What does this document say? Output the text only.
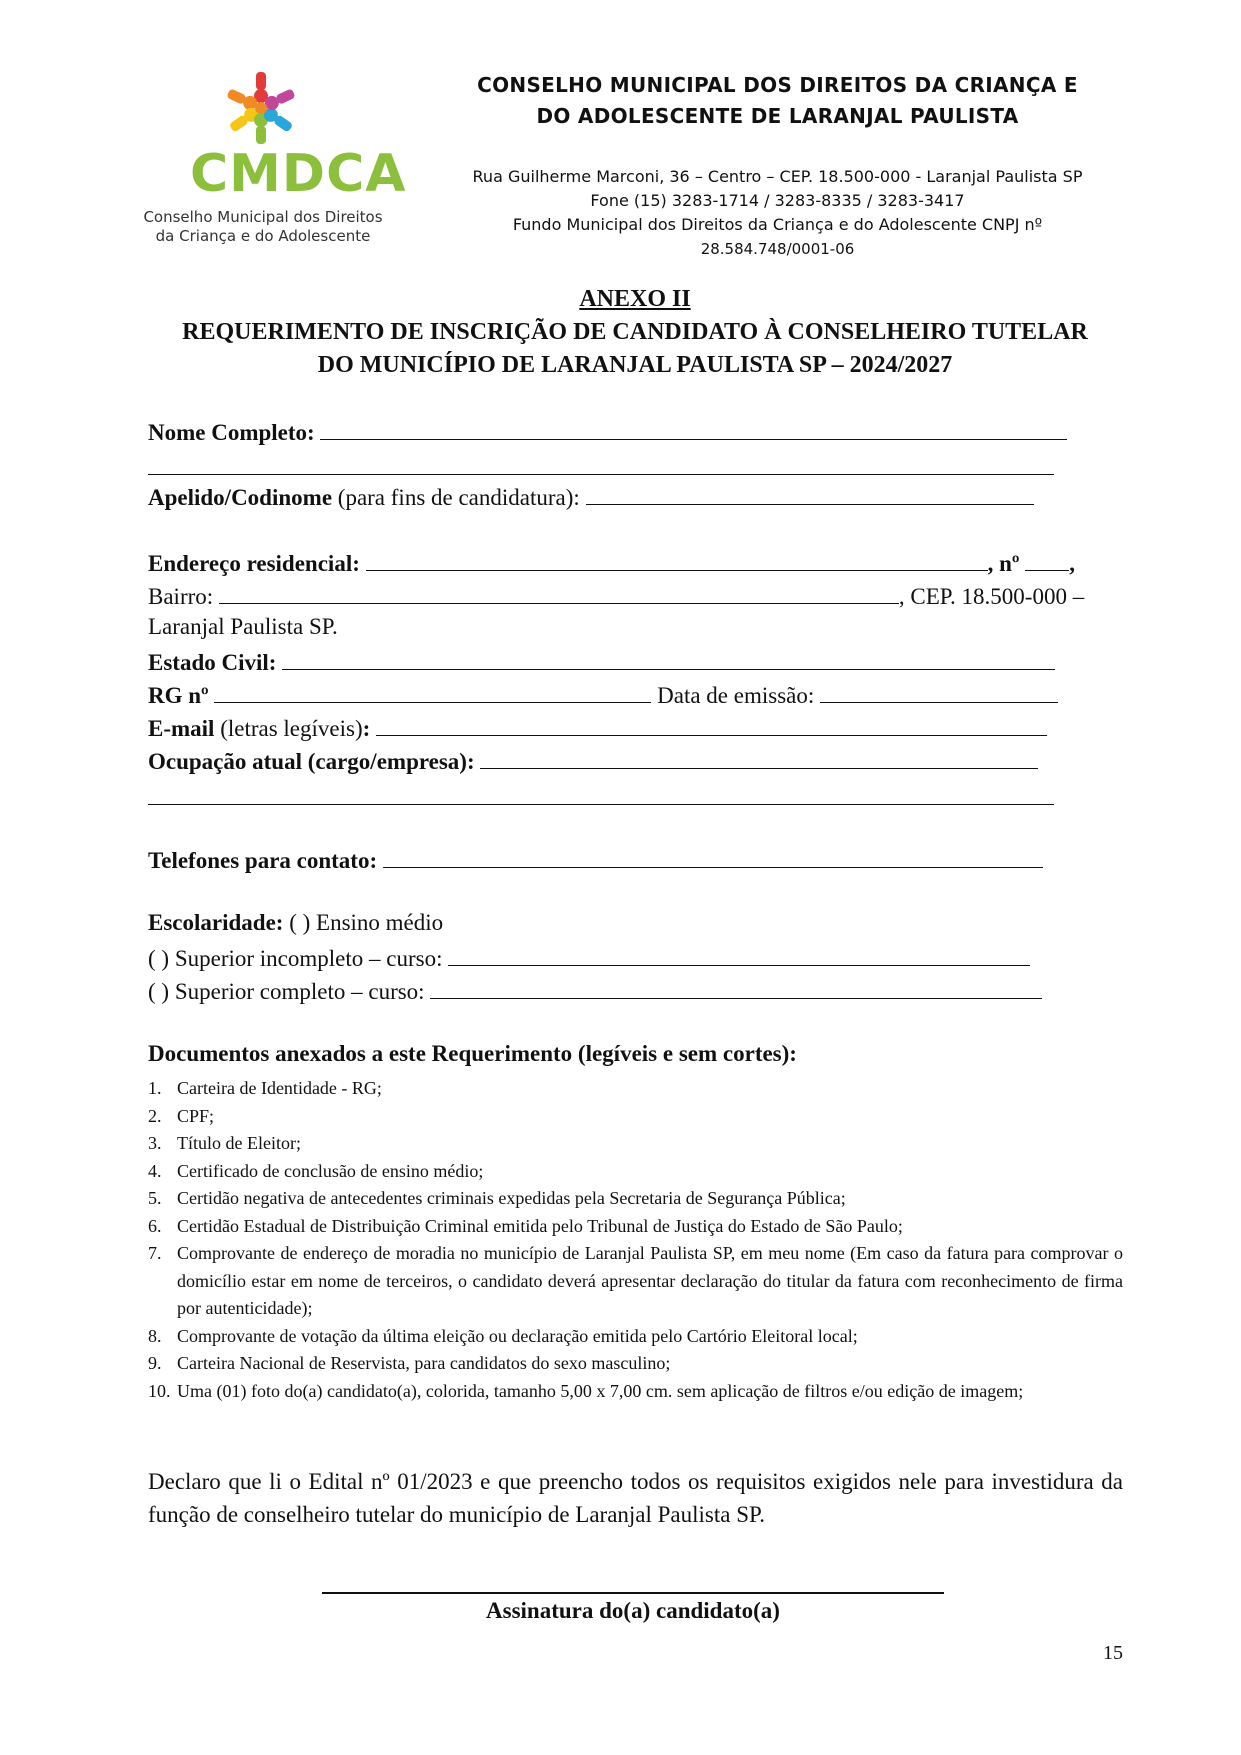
CMDCA
Conselho Municipal dos Direitos
da Criança e do Adolescente
CONSELHO MUNICIPAL DOS DIREITOS DA CRIANÇA E
DO ADOLESCENTE DE LARANJAL PAULISTA
Rua Guilherme Marconi, 36 – Centro – CEP. 18.500-000 - Laranjal Paulista SP
Fone (15) 3283-1714 / 3283-8335 / 3283-3417
Fundo Municipal dos Direitos da Criança e do Adolescente CNPJ nº
28.584.748/0001-06
ANEXO II
REQUERIMENTO DE INSCRIÇÃO DE CANDIDATO À CONSELHEIRO TUTELAR
DO MUNICÍPIO DE LARANJAL PAULISTA SP – 2024/2027
Nome Completo:
Apelido/Codinome (para fins de candidatura):
Endereço residencial:	, nº ,
Bairro:	, CEP. 18.500-000 –
Laranjal Paulista SP.
Estado Civil:
RG nº	Data de emissão:
E-mail (letras legíveis):
Ocupação atual (cargo/empresa):
Telefones para contato:
Escolaridade: ( ) Ensino médio
( ) Superior incompleto – curso:
( ) Superior completo – curso:
Documentos anexados a este Requerimento (legíveis e sem cortes):
1. Carteira de Identidade - RG;
2. CPF;
3. Título de Eleitor;
4. Certificado de conclusão de ensino médio;
5. Certidão negativa de antecedentes criminais expedidas pela Secretaria de Segurança Pública;
6. Certidão Estadual de Distribuição Criminal emitida pelo Tribunal de Justiça do Estado de São Paulo;
7. Comprovante de endereço de moradia no município de Laranjal Paulista SP, em meu nome (Em caso da fatura para comprovar o domicílio estar em nome de terceiros, o candidato deverá apresentar declaração do titular da fatura com reconhecimento de firma por autenticidade);
8. Comprovante de votação da última eleição ou declaração emitida pelo Cartório Eleitoral local;
9. Carteira Nacional de Reservista, para candidatos do sexo masculino;
10. Uma (01) foto do(a) candidato(a), colorida, tamanho 5,00 x 7,00 cm. sem aplicação de filtros e/ou edição de imagem;
Declaro que li o Edital nº 01/2023 e que preencho todos os requisitos exigidos nele para investidura da função de conselheiro tutelar do município de Laranjal Paulista SP.
Assinatura do(a) candidato(a)
15
